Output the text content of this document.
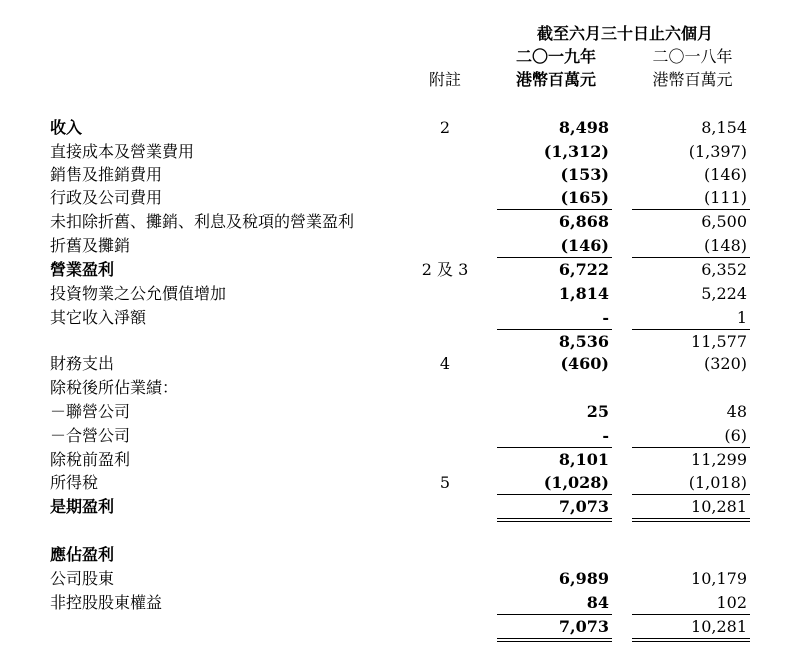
截至六月三十日止六個月
二〇一九年	二〇一八年
附註	港幣百萬元	港幣百萬元
收入	2	8,498	8,154
直接成本及營業費用	(1,312)	(1,397)
銷售及推銷費用	(153)	(146)
行政及公司費用	(165)	(111)
未扣除折舊、攤銷、利息及稅項的營業盈利	6,868	6,500
折舊及攤銷	(146)	(148)
營業盈利	2 及 3	6,722	6,352
投資物業之公允價值增加	1,814	5,224
其它收入淨額	-	1
8,536	11,577
財務支出	4	(460)	(320)
除稅後所佔業績：
－聯營公司	25	48
－合營公司	-	(6)
除稅前盈利	8,101	11,299
所得稅	5	(1,028)	(1,018)
是期盈利	7,073	10,281
應佔盈利
公司股東	6,989	10,179
非控股股東權益	84	102
7,073	10,281
